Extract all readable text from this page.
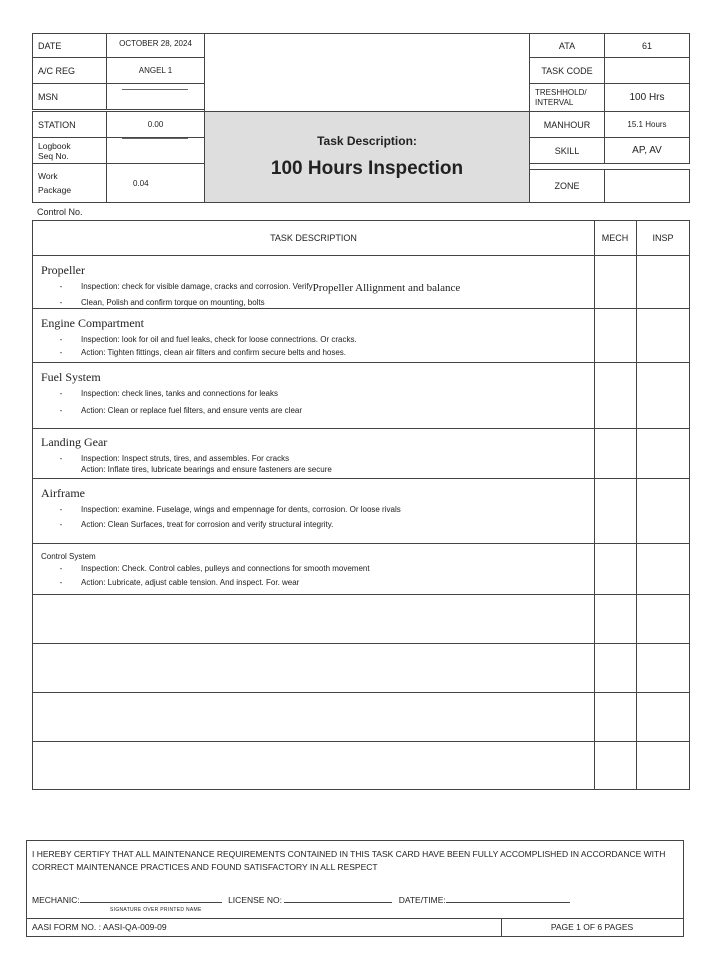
DATE	OCTOBER 28, 2024
A/C REG	ANGEL 1
MSN
STATION	0.00
Logbook
Seq No.
Work
Package
0.04
Task Description:
100 Hours Inspection
ATA	61
TASK CODE
TRESHHOLD/
INTERVAL	100 Hrs
MANHOUR	15.1 Hours
SKILL	AP, AV
ZONE
Control No.
TASK DESCRIPTION	MECH	INSP
Propeller
-	Inspection: check for visible damage, cracks and corrosion. Verify Propeller Allignment and balance
-	Clean, Polish and confirm torque on mounting, bolts
Engine Compartment
-	Inspection: look for oil and fuel leaks, check for loose connectrions. Or cracks.
-	Action: Tighten fittings, clean air filters and confirm secure belts and hoses.
Fuel System
-	Inspection: check lines, tanks and connections for leaks
-	Action: Clean or replace fuel filters, and ensure vents are clear
Landing Gear
-	Inspection: Inspect struts, tires, and assembles. For cracks
Action: Inflate tires, lubricate bearings and ensure fasteners are secure
Airframe
-	Inspection: examine. Fuselage, wings and empennage for dents, corrosion. Or loose rivals
-	Action: Clean Surfaces, treat for corrosion and verify structural integrity.
Control System
-	Inspection: Check. Control cables, pulleys and connections for smooth movement
-	Action: Lubricate, adjust cable tension. And inspect. For. wear
I HEREBY CERTIFY THAT ALL MAINTENANCE REQUIREMENTS CONTAINED IN THIS TASK CARD HAVE BEEN FULLY ACCOMPLISHED IN ACCORDANCE WITH CORRECT MAINTENANCE PRACTICES AND FOUND SATISFACTORY IN ALL RESPECT
MECHANIC:	LICENSE NO:	DATE/TIME:
SIGNATURE OVER PRINTED NAME
AASI FORM NO. : AASI-QA-009-09	PAGE 1 OF 6 PAGES
